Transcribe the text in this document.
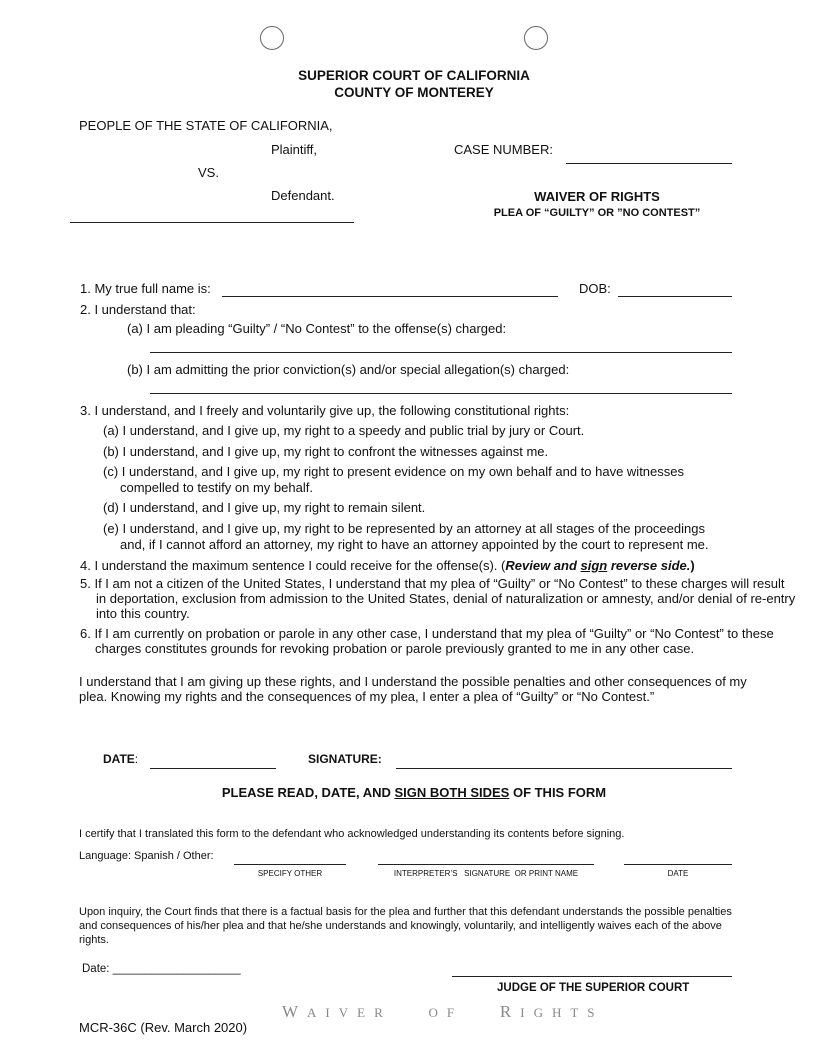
SUPERIOR COURT OF CALIFORNIA
COUNTY OF MONTEREY
PEOPLE OF THE STATE OF CALIFORNIA,
Plaintiff,	CASE NUMBER:
VS.
Defendant.	WAIVER OF RIGHTS
PLEA OF “GUILTY” OR ”NO CONTEST”
1. My true full name is:	DOB:
2. I understand that:
(a) I am pleading “Guilty” / “No Contest” to the offense(s) charged:
(b) I am admitting the prior conviction(s) and/or special allegation(s) charged:
3. I understand, and I freely and voluntarily give up, the following constitutional rights:
(a) I understand, and I give up, my right to a speedy and public trial by jury or Court.
(b) I understand, and I give up, my right to confront the witnesses against me.
(c) I understand, and I give up, my right to present evidence on my own behalf and to have witnesses
compelled to testify on my behalf.
(d) I understand, and I give up, my right to remain silent.
(e) I understand, and I give up, my right to be represented by an attorney at all stages of the proceedings
and, if I cannot afford an attorney, my right to have an attorney appointed by the court to represent me.
4. I understand the maximum sentence I could receive for the offense(s). (Review and sign reverse side.)
5. If I am not a citizen of the United States, I understand that my plea of “Guilty” or “No Contest” to these charges will result in deportation, exclusion from admission to the United States, denial of naturalization or amnesty, and/or denial of re-entry into this country.
6. If I am currently on probation or parole in any other case, I understand that my plea of “Guilty” or “No Contest” to these charges constitutes grounds for revoking probation or parole previously granted to me in any other case.
I understand that I am giving up these rights, and I understand the possible penalties and other consequences of my plea. Knowing my rights and the consequences of my plea, I enter a plea of “Guilty” or “No Contest.”
DATE:	SIGNATURE:
PLEASE READ, DATE, AND SIGN BOTH SIDES OF THIS FORM
I certify that I translated this form to the defendant who acknowledged understanding its contents before signing.
Language: Spanish / Other:
SPECIFY OTHER	INTERPRETER’S   SIGNATURE  OR PRINT NAME	DATE
Upon inquiry, the Court finds that there is a factual basis for the plea and further that this defendant understands the possible penalties and consequences of his/her plea and that he/she understands and knowingly, voluntarily, and intelligently waives each of the above rights.
Date: ____________________
JUDGE OF THE SUPERIOR COURT
WAIVER	OF RIGHTS
MCR-36C (Rev. March 2020)
